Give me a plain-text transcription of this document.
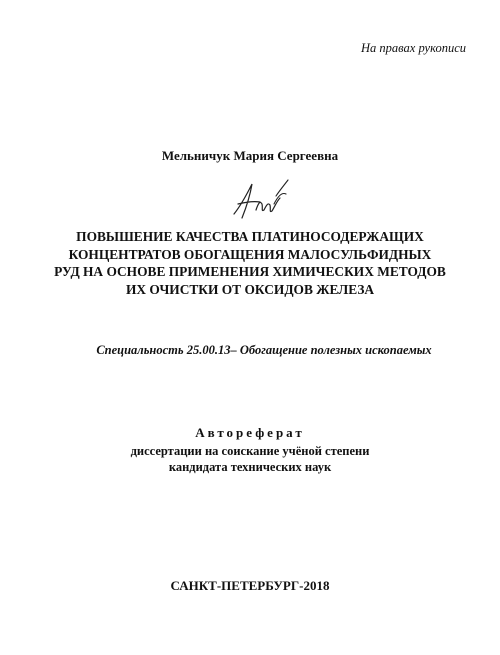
На правах рукописи
Мельничук Мария Сергеевна
ПОВЫШЕНИЕ КАЧЕСТВА ПЛАТИНОСОДЕРЖАЩИХ
КОНЦЕНТРАТОВ ОБОГАЩЕНИЯ МАЛОСУЛЬФИДНЫХ
РУД НА ОСНОВЕ ПРИМЕНЕНИЯ ХИМИЧЕСКИХ МЕТОДОВ
ИХ ОЧИСТКИ ОТ ОКСИДОВ ЖЕЛЕЗА
Специальность 25.00.13– Обогащение полезных ископаемых
Автореферат
диссертации на соискание учёной степени
кандидата технических наук
САНКТ-ПЕТЕРБУРГ-2018
